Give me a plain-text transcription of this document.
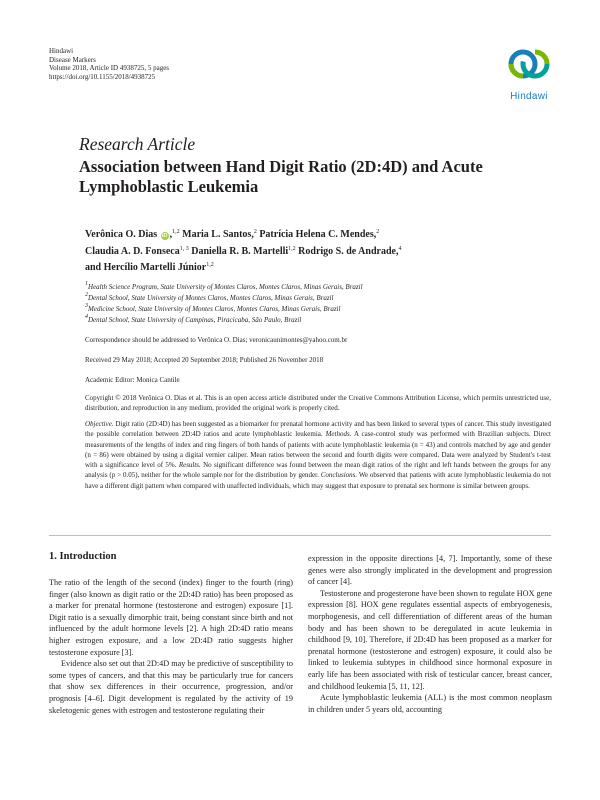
Hindawi
Disease Markers
Volume 2018, Article ID 4938725, 5 pages
https://doi.org/10.1155/2018/4938725
Hindawi
Research Article
Association between Hand Digit Ratio (2D:4D) and Acute
Lymphoblastic Leukemia
Verônica O. Dias iD ,$^{1,2}$ Maria L. Santos,$^2$ Patrícia Helena C. Mendes,$^2$
Claudia A. D. Fonseca$^{1, 3}$ Daniella R. B. Martelli$^{1,2}$ Rodrigo S. de Andrade,$^4$
and Hercílio Martelli Júnior$^{1,2}$
$^1$Health Science Program, State University of Montes Claros, Montes Claros, Minas Gerais, Brazil
$^2$Dental School, State University of Montes Claros, Montes Claros, Minas Gerais, Brazil
$^3$Medicine School, State University of Montes Claros, Montes Claros, Minas Gerais, Brazil
$^4$Dental School, State University of Campinas, Piracicaba, São Paulo, Brazil
Correspondence should be addressed to Verônica O. Dias; veronicaunimontes@yahoo.com.br
Received 29 May 2018; Accepted 20 September 2018; Published 26 November 2018
Academic Editor: Monica Cantile
Copyright © 2018 Verônica O. Dias et al. This is an open access article distributed under the Creative Commons Attribution License, which permits unrestricted use, distribution, and reproduction in any medium, provided the original work is properly cited.
Objective. Digit ratio (2D:4D) has been suggested as a biomarker for prenatal hormone activity and has been linked to several types of cancer. This study investigated the possible correlation between 2D:4D ratios and acute lymphoblastic leukemia. Methods. A case-control study was performed with Brazilian subjects. Direct measurements of the lengths of index and ring fingers of both hands of patients with acute lymphoblastic leukemia (n = 43) and controls matched by age and gender (n = 86) were obtained by using a digital vernier caliper. Mean ratios between the second and fourth digits were compared. Data were analyzed by Student's t-test with a significance level of 5%. Results. No significant difference was found between the mean digit ratios of the right and left hands between the groups for any analysis (p > 0.05), neither for the whole sample nor for the distribution by gender. Conclusions. We observed that patients with acute lymphoblastic leukemia do not have a different digit pattern when compared with unaffected individuals, which may suggest that exposure to prenatal sex hormone is similar between groups.
1. Introduction

The ratio of the length of the second (index) finger to the fourth (ring) finger (also known as digit ratio or the 2D:4D ratio) has been proposed as a marker for prenatal hormone (testosterone and estrogen) exposure [1]. Digit ratio is a sexually dimorphic trait, being constant since birth and not influenced by the adult hormone levels [2]. A high 2D:4D ratio means higher estrogen exposure, and a low 2D:4D ratio suggests higher testosterone exposure [3].

Evidence also set out that 2D:4D may be predictive of susceptibility to some types of cancers, and that this may be particularly true for cancers that show sex differences in their occurrence, progression, and/or prognosis [4–6]. Digit development is regulated by the activity of 19 skeletogenic genes with estrogen and testosterone regulating their

expression in the opposite directions [4, 7]. Importantly, some of these genes were also strongly implicated in the development and progression of cancer [4].

Testosterone and progesterone have been shown to regulate HOX gene expression [8]. HOX gene regulates essential aspects of embryogenesis, morphogenesis, and cell differentiation of different areas of the human body and has been shown to be deregulated in acute leukemia in childhood [9, 10]. Therefore, if 2D:4D has been proposed as a marker for prenatal hormone (testosterone and estrogen) exposure, it could also be linked to leukemia subtypes in childhood since hormonal exposure in early life has been associated with risk of testicular cancer, breast cancer, and childhood leukemia [5, 11, 12].

Acute lymphoblastic leukemia (ALL) is the most common neoplasm in children under 5 years old, accounting
